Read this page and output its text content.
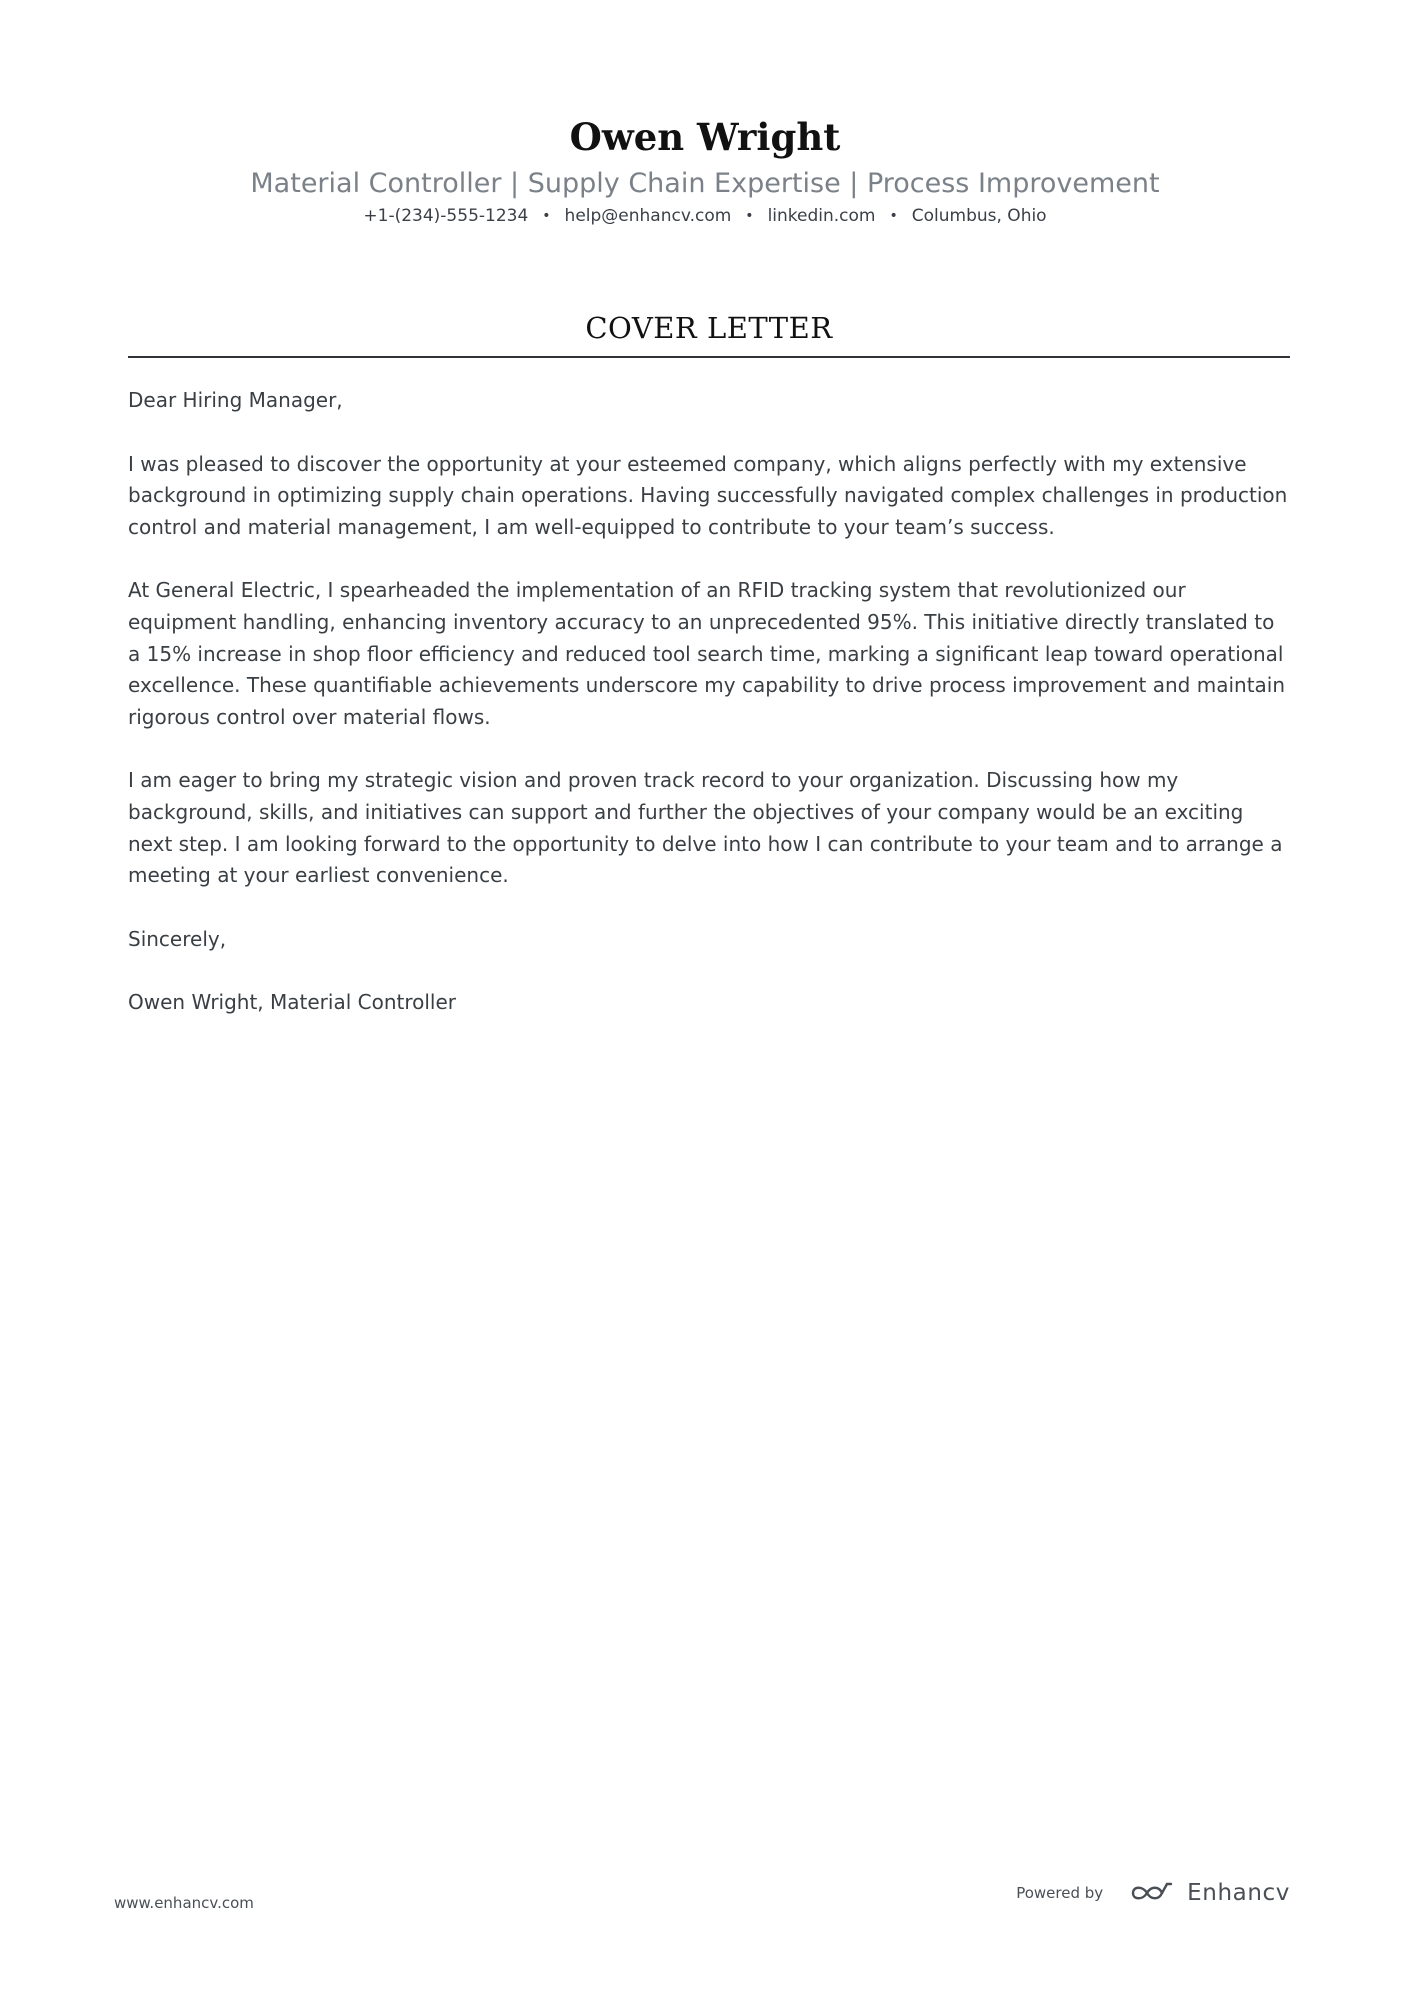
Owen Wright
Material Controller | Supply Chain Expertise | Process Improvement
+1-(234)-555-1234 • help@enhancv.com • linkedin.com • Columbus, Ohio
COVER LETTER

Dear Hiring Manager,

I was pleased to discover the opportunity at your esteemed company, which aligns perfectly with my extensive background in optimizing supply chain operations. Having successfully navigated complex challenges in production control and material management, I am well-equipped to contribute to your team’s success.

At General Electric, I spearheaded the implementation of an RFID tracking system that revolutionized our equipment handling, enhancing inventory accuracy to an unprecedented 95%. This initiative directly translated to a 15% increase in shop floor efficiency and reduced tool search time, marking a significant leap toward operational excellence. These quantifiable achievements underscore my capability to drive process improvement and maintain rigorous control over material flows.

I am eager to bring my strategic vision and proven track record to your organization. Discussing how my background, skills, and initiatives can support and further the objectives of your company would be an exciting next step. I am looking forward to the opportunity to delve into how I can contribute to your team and to arrange a meeting at your earliest convenience.

Sincerely,

Owen Wright, Material Controller

www.enhancv.com
Powered by	Enhancv
